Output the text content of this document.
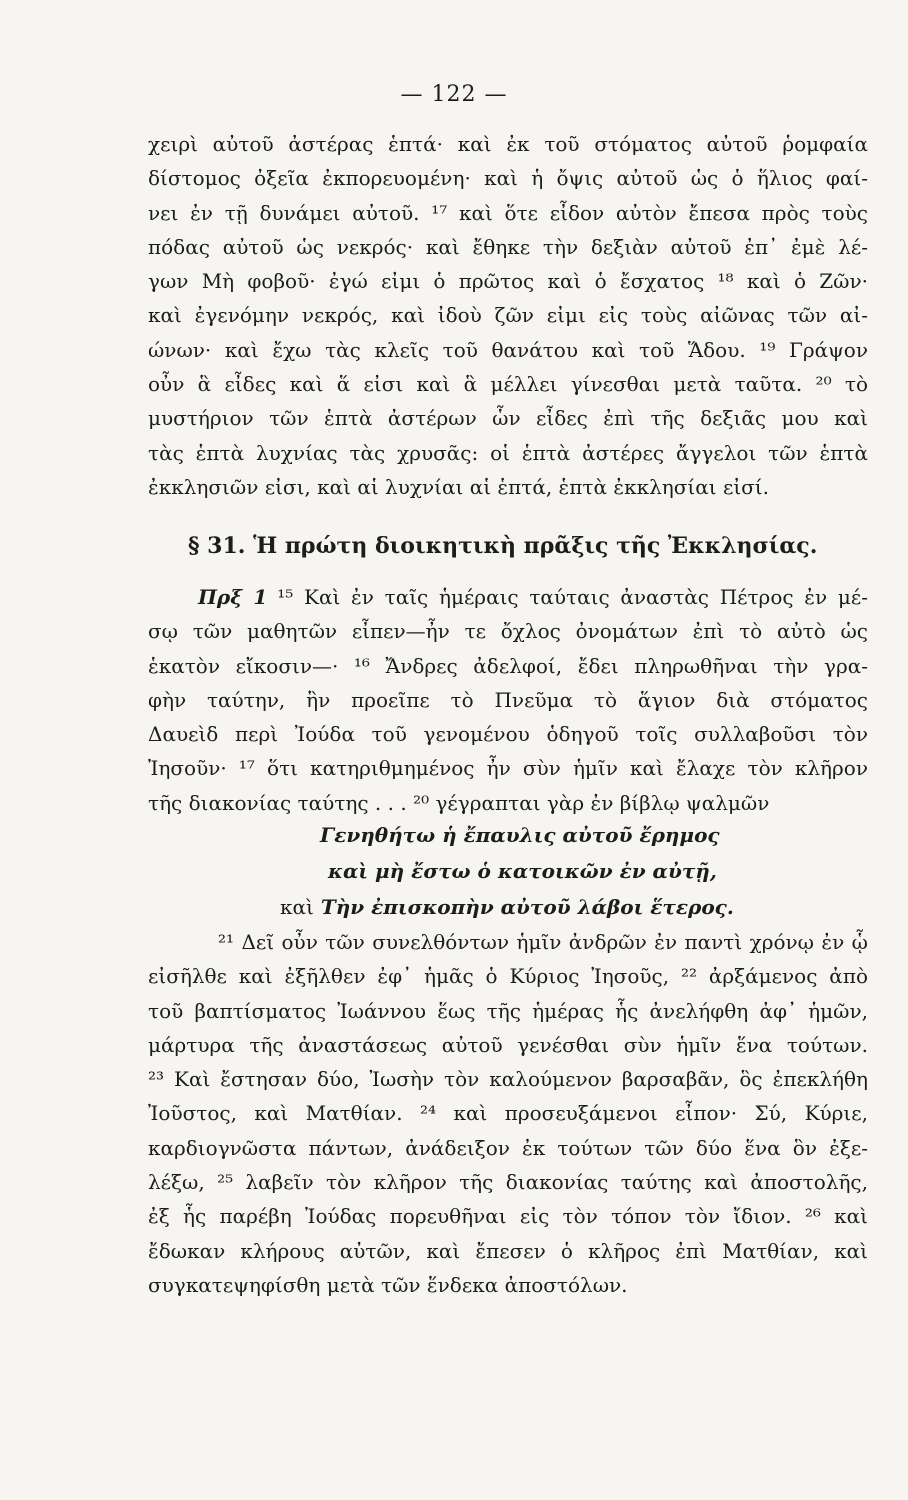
— 122 —
χειρὶ αὐτοῦ ἀστέρας ἑπτά· καὶ ἐκ τοῦ στόματος αὐτοῦ ῥομφαία
δίστομος ὀξεῖα ἐκπορευομένη· καὶ ἡ ὄψις αὐτοῦ ὡς ὁ ἥλιος φαί-
νει ἐν τῇ δυνάμει αὐτοῦ. ¹⁷ καὶ ὅτε εἶδον αὐτὸν ἔπεσα πρὸς τοὺς
πόδας αὐτοῦ ὡς νεκρός· καὶ ἔθηκε τὴν δεξιὰν αὐτοῦ ἐπ᾿ ἐμὲ λέ-
γων Μὴ φοβοῦ· ἐγώ εἰμι ὁ πρῶτος καὶ ὁ ἔσχατος ¹⁸ καὶ ὁ Ζῶν·
καὶ ἐγενόμην νεκρός, καὶ ἰδοὺ ζῶν εἰμι εἰς τοὺς αἰῶνας τῶν αἰ-
ώνων· καὶ ἔχω τὰς κλεῖς τοῦ θανάτου καὶ τοῦ Ἅδου. ¹⁹ Γράψον
οὖν ἃ εἶδες καὶ ἅ εἰσι καὶ ἃ μέλλει γίνεσθαι μετὰ ταῦτα. ²⁰ τὸ
μυστήριον τῶν ἑπτὰ ἀστέρων ὧν εἶδες ἐπὶ τῆς δεξιᾶς μου καὶ
τὰς ἑπτὰ λυχνίας τὰς χρυσᾶς: οἱ ἑπτὰ ἀστέρες ἄγγελοι τῶν ἑπτὰ
ἐκκλησιῶν εἰσι, καὶ αἱ λυχνίαι αἱ ἑπτά, ἑπτὰ ἐκκλησίαι εἰσί.
§ 31. Ἡ πρώτη διοικητικὴ πρᾶξις τῆς Ἐκκλησίας.
Πρξ 1 ¹⁵ Καὶ ἐν ταῖς ἡμέραις ταύταις ἀναστὰς Πέτρος ἐν μέ-
σῳ τῶν μαθητῶν εἶπεν—ἦν τε ὄχλος ὀνομάτων ἐπὶ τὸ αὐτὸ ὡς
ἑκατὸν εἴκοσιν—· ¹⁶ Ἄνδρες ἀδελφοί, ἔδει πληρωθῆναι τὴν γρα-
φὴν ταύτην, ἣν προεῖπε τὸ Πνεῦμα τὸ ἅγιον διὰ στόματος
Δαυεὶδ περὶ Ἰούδα τοῦ γενομένου ὁδηγοῦ τοῖς συλλαβοῦσι τὸν
Ἰησοῦν· ¹⁷ ὅτι κατηριθμημένος ἦν σὺν ἡμῖν καὶ ἔλαχε τὸν κλῆρον
τῆς διακονίας ταύτης . . . ²⁰ γέγραπται γὰρ ἐν βίβλῳ ψαλμῶν
Γενηθήτω ἡ ἔπαυλις αὐτοῦ ἔρημος
καὶ μὴ ἔστω ὁ κατοικῶν ἐν αὐτῇ,
καὶ Τὴν ἐπισκοπὴν αὐτοῦ λάβοι ἕτερος.
²¹ Δεῖ οὖν τῶν συνελθόντων ἡμῖν ἀνδρῶν ἐν παντὶ χρόνῳ ἐν ᾧ
εἰσῆλθε καὶ ἐξῆλθεν ἐφ᾿ ἡμᾶς ὁ Κύριος Ἰησοῦς, ²² ἀρξάμενος ἀπὸ
τοῦ βαπτίσματος Ἰωάννου ἕως τῆς ἡμέρας ἧς ἀνελήφθη ἀφ᾿ ἡμῶν,
μάρτυρα τῆς ἀναστάσεως αὐτοῦ γενέσθαι σὺν ἡμῖν ἕνα τούτων.
²³ Καὶ ἔστησαν δύο, Ἰωσὴν τὸν καλούμενον βαρσαβᾶν, ὃς ἐπεκλήθη
Ἰοῦστος, καὶ Ματθίαν. ²⁴ καὶ προσευξάμενοι εἶπον· Σύ, Κύριε,
καρδιογνῶστα πάντων, ἀνάδειξον ἐκ τούτων τῶν δύο ἕνα ὃν ἐξε-
λέξω, ²⁵ λαβεῖν τὸν κλῆρον τῆς διακονίας ταύτης καὶ ἀποστολῆς,
ἐξ ἧς παρέβη Ἰούδας πορευθῆναι εἰς τὸν τόπον τὸν ἴδιον. ²⁶ καὶ
ἔδωκαν κλήρους αὐτῶν, καὶ ἔπεσεν ὁ κλῆρος ἐπὶ Ματθίαν, καὶ
συγκατεψηφίσθη μετὰ τῶν ἕνδεκα ἀποστόλων.
